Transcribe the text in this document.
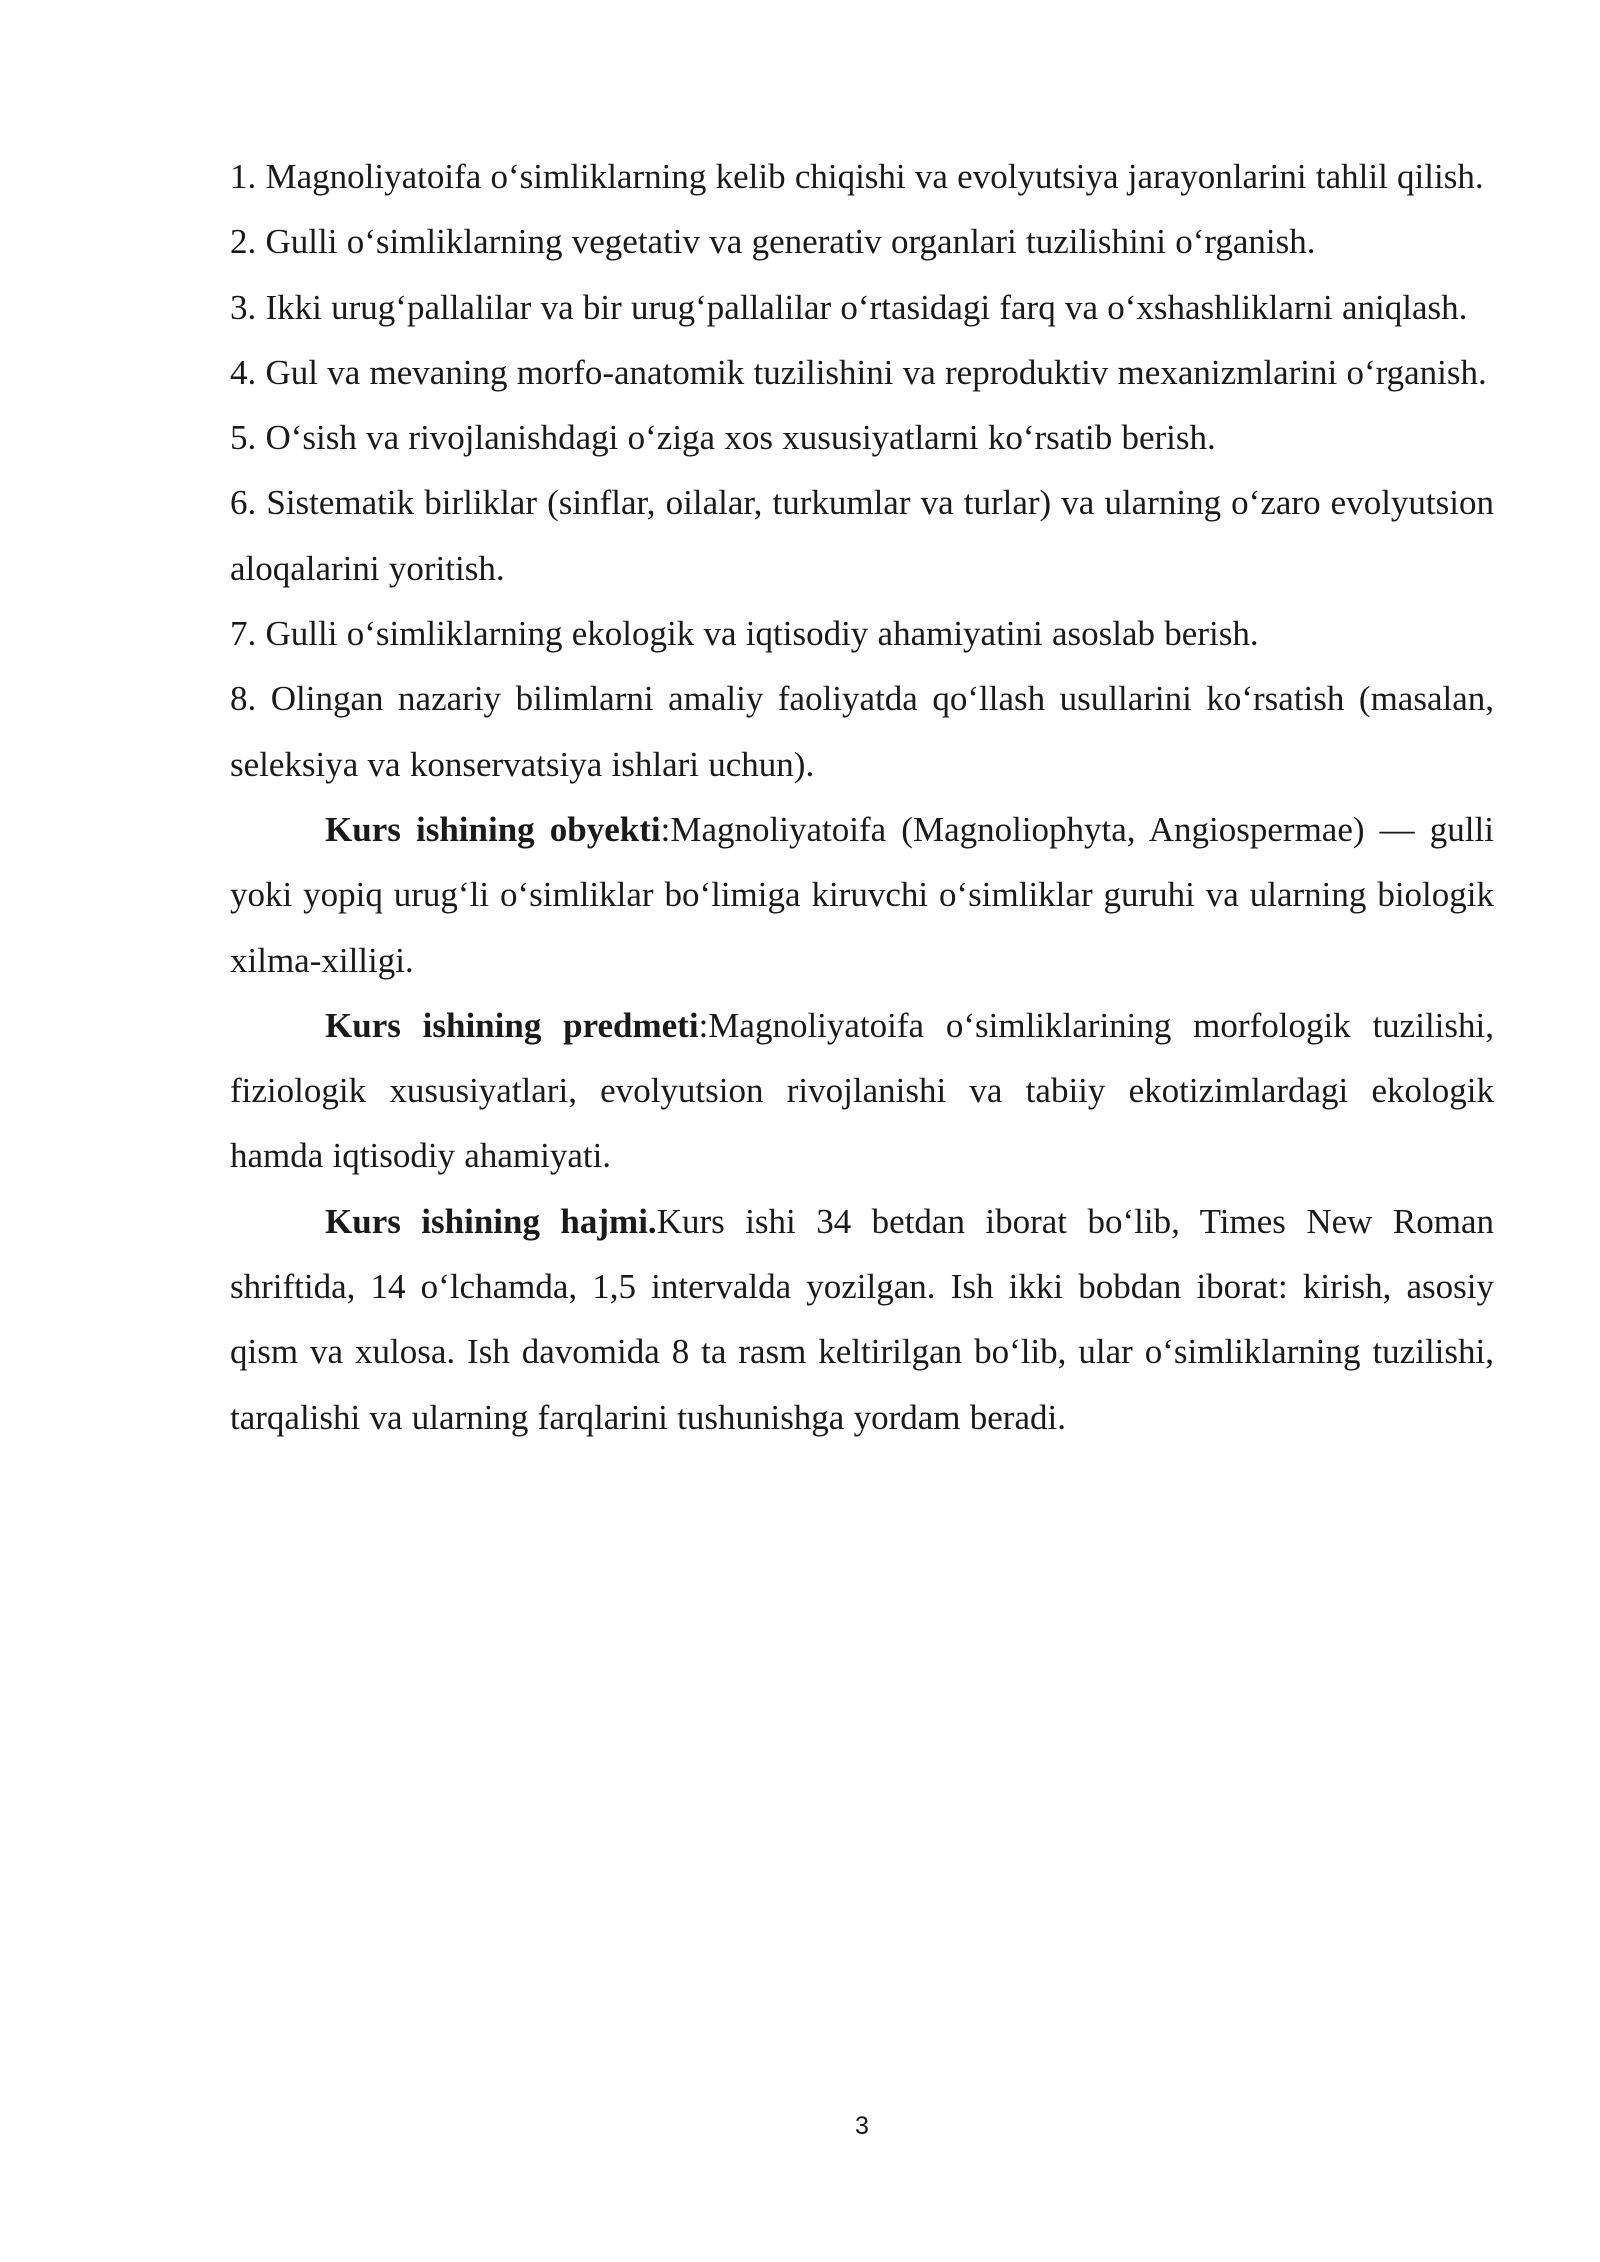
1. Magnoliyatoifa o‘simliklarning kelib chiqishi va evolyutsiya jarayonlarini tahlil qilish.

2. Gulli o‘simliklarning vegetativ va generativ organlari tuzilishini o‘rganish.

3. Ikki urug‘pallalilar va bir urug‘pallalilar o‘rtasidagi farq va o‘xshashliklarni aniqlash.

4. Gul va mevaning morfo-anatomik tuzilishini va reproduktiv mexanizmlarini o‘rganish.

5. O‘sish va rivojlanishdagi o‘ziga xos xususiyatlarni ko‘rsatib berish.

6. Sistematik birliklar (sinflar, oilalar, turkumlar va turlar) va ularning o‘zaro evolyutsion aloqalarini yoritish.

7. Gulli o‘simliklarning ekologik va iqtisodiy ahamiyatini asoslab berish.

8. Olingan nazariy bilimlarni amaliy faoliyatda qo‘llash usullarini ko‘rsatish (masalan, seleksiya va konservatsiya ishlari uchun).

Kurs ishining obyekti:Magnoliyatoifa (Magnoliophyta, Angiospermae) — gulli yoki yopiq urug‘li o‘simliklar bo‘limiga kiruvchi o‘simliklar guruhi va ularning biologik xilma-xilligi.

Kurs ishining predmeti:Magnoliyatoifa o‘simliklarining morfologik tuzilishi, fiziologik xususiyatlari, evolyutsion rivojlanishi va tabiiy ekotizimlardagi ekologik hamda iqtisodiy ahamiyati.

Kurs ishining hajmi.Kurs ishi 34 betdan iborat bo‘lib, Times New Roman shriftida, 14 o‘lchamda, 1,5 intervalda yozilgan. Ish ikki bobdan iborat: kirish, asosiy qism va xulosa. Ish davomida 8 ta rasm keltirilgan bo‘lib, ular o‘simliklarning tuzilishi, tarqalishi va ularning farqlarini tushunishga yordam beradi.

3
